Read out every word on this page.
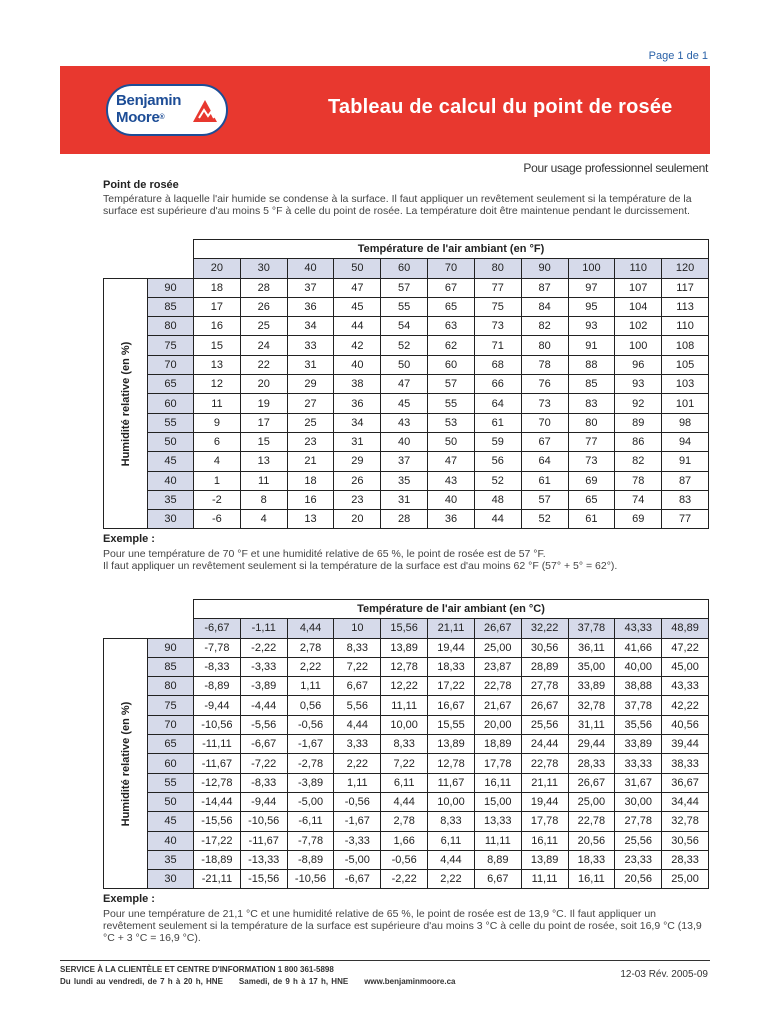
Page 1 de 1
Benjamin
Moore®	Tableau de calcul du point de rosée
Pour usage professionnel seulement
Point de rosée
Température à laquelle l'air humide se condense à la surface. Il faut appliquer un revêtement seulement si la température de la surface est supérieure d'au moins 5 °F à celle du point de rosée. La température doit être maintenue pendant le durcissement.
		Température de l'air ambiant (en °F)										
		20	30	40	50	60	70	80	90	100	110	120

Humidité relative (en %)	90	18	28	37	47	57	67	77	87	97	107	117
	85	17	26	36	45	55	65	75	84	95	104	113
	80	16	25	34	44	54	63	73	82	93	102	110
	75	15	24	33	42	52	62	71	80	91	100	108
	70	13	22	31	40	50	60	68	78	88	96	105
	65	12	20	29	38	47	57	66	76	85	93	103
	60	11	19	27	36	45	55	64	73	83	92	101
	55	9	17	25	34	43	53	61	70	80	89	98
	50	6	15	23	31	40	50	59	67	77	86	94
	45	4	13	21	29	37	47	56	64	73	82	91
	40	1	11	18	26	35	43	52	61	69	78	87
	35	-2	8	16	23	31	40	48	57	65	74	83
	30	-6	4	13	20	28	36	44	52	61	69	77
Exemple :
Pour une température de 70 °F et une humidité relative de 65 %, le point de rosée est de 57 °F.
Il faut appliquer un revêtement seulement si la température de la surface est d'au moins 62 °F (57° + 5° = 62°).
		Température de l'air ambiant (en °C)										
		-6,67	-1,11	4,44	10	15,56	21,11	26,67	32,22	37,78	43,33	48,89

Humidité relative (en %)	90	-7,78	-2,22	2,78	8,33	13,89	19,44	25,00	30,56	36,11	41,66	47,22
	85	-8,33	-3,33	2,22	7,22	12,78	18,33	23,87	28,89	35,00	40,00	45,00
	80	-8,89	-3,89	1,11	6,67	12,22	17,22	22,78	27,78	33,89	38,88	43,33
	75	-9,44	-4,44	0,56	5,56	11,11	16,67	21,67	26,67	32,78	37,78	42,22
	70	-10,56	-5,56	-0,56	4,44	10,00	15,55	20,00	25,56	31,11	35,56	40,56
	65	-11,11	-6,67	-1,67	3,33	8,33	13,89	18,89	24,44	29,44	33,89	39,44
	60	-11,67	-7,22	-2,78	2,22	7,22	12,78	17,78	22,78	28,33	33,33	38,33
	55	-12,78	-8,33	-3,89	1,11	6,11	11,67	16,11	21,11	26,67	31,67	36,67
	50	-14,44	-9,44	-5,00	-0,56	4,44	10,00	15,00	19,44	25,00	30,00	34,44
	45	-15,56	-10,56	-6,11	-1,67	2,78	8,33	13,33	17,78	22,78	27,78	32,78
	40	-17,22	-11,67	-7,78	-3,33	1,66	6,11	11,11	16,11	20,56	25,56	30,56
	35	-18,89	-13,33	-8,89	-5,00	-0,56	4,44	8,89	13,89	18,33	23,33	28,33
	30	-21,11	-15,56	-10,56	-6,67	-2,22	2,22	6,67	11,11	16,11	20,56	25,00
Exemple :
Pour une température de 21,1 °C et une humidité relative de 65 %, le point de rosée est de 13,9 °C. Il faut appliquer un revêtement seulement si la température de la surface est supérieure d'au moins 3 °C à celle du point de rosée, soit 16,9 °C (13,9 °C + 3 °C = 16,9 °C).
SERVICE À LA CLIENTÈLE ET CENTRE D'INFORMATION 1 800 361-5898
Du lundi au vendredi, de 7 h à 20 h, HNE Samedi, de 9 h à 17 h, HNE www.benjaminmoore.ca
12-03 Rév. 2005-09
